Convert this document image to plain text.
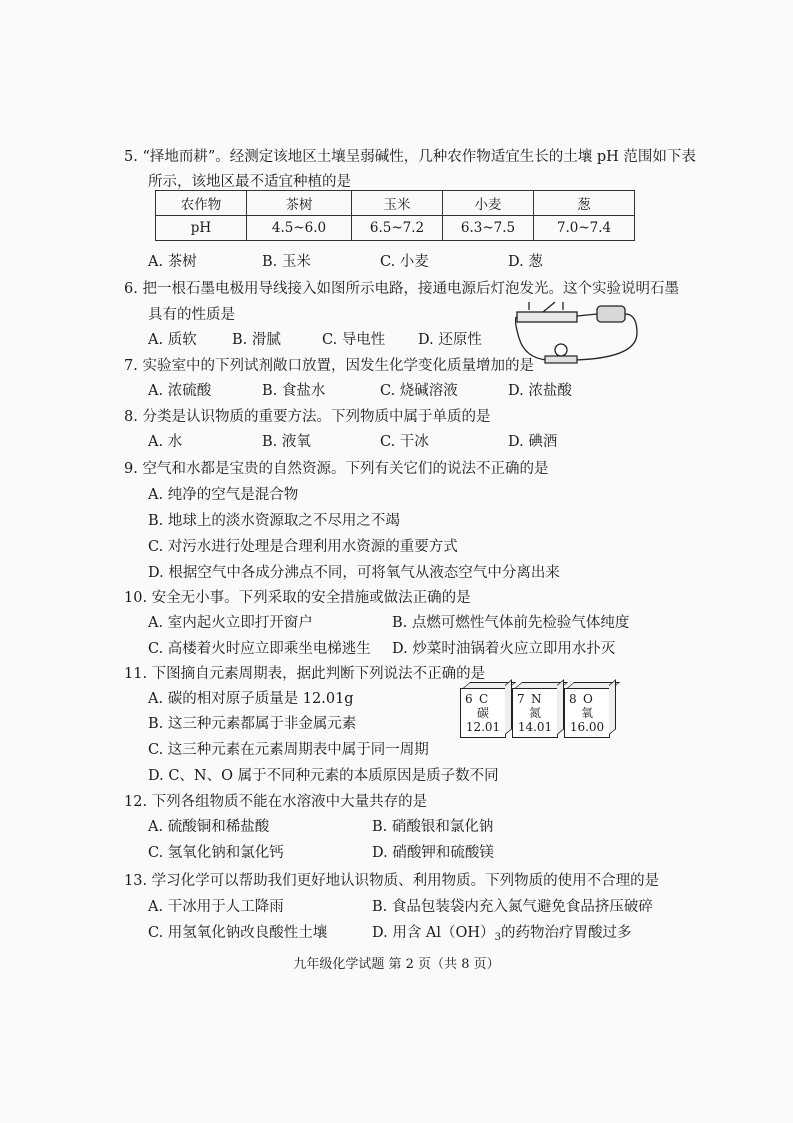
5. “择地而耕”。经测定该地区土壤呈弱碱性，几种农作物适宜生长的土壤 pH 范围如下表
所示，该地区最不适宜种植的是
农作物	茶树	玉米	小麦	葱
pH	4.5~6.0	6.5~7.2	6.3~7.5	7.0~7.4
A. 茶树	B. 玉米	C. 小麦	D. 葱
6. 把一根石墨电极用导线接入如图所示电路，接通电源后灯泡发光。这个实验说明石墨
具有的性质是
A. 质软 B. 滑腻	C. 导电性 D. 还原性
7. 实验室中的下列试剂敞口放置，因发生化学变化质量增加的是
A. 浓硫酸	B. 食盐水	C. 烧碱溶液	D. 浓盐酸
8. 分类是认识物质的重要方法。下列物质中属于单质的是
A. 水	B. 液氧	C. 干冰	D. 碘酒
9. 空气和水都是宝贵的自然资源。下列有关它们的说法不正确的是
A. 纯净的空气是混合物
B. 地球上的淡水资源取之不尽用之不竭
C. 对污水进行处理是合理利用水资源的重要方式
D. 根据空气中各成分沸点不同，可将氧气从液态空气中分离出来
10. 安全无小事。下列采取的安全措施或做法正确的是
A. 室内起火立即打开窗户	B. 点燃可燃性气体前先检验气体纯度
C. 高楼着火时应立即乘坐电梯逃生 D. 炒菜时油锅着火应立即用水扑灭
11. 下图摘自元素周期表，据此判断下列说法不正确的是
A. 碳的相对原子质量是 12.01g
B. 这三种元素都属于非金属元素
C. 这三种元素在元素周期表中属于同一周期
D. C、N、O 属于不同种元素的本质原因是质子数不同
6 C
碳
12.01
7 N
氮
14.01
8 O
氧
16.00
12. 下列各组物质不能在水溶液中大量共存的是
A. 硫酸铜和稀盐酸	B. 硝酸银和氯化钠
C. 氢氧化钠和氯化钙	D. 硝酸钾和硫酸镁
13. 学习化学可以帮助我们更好地认识物质、利用物质。下列物质的使用不合理的是
A. 干冰用于人工降雨	B. 食品包装袋内充入氮气避免食品挤压破碎
C. 用氢氧化钠改良酸性土壤	D. 用含 $Al(OH)_3$的药物治疗胃酸过多
九年级化学试题 第 2 页（共 8 页）
